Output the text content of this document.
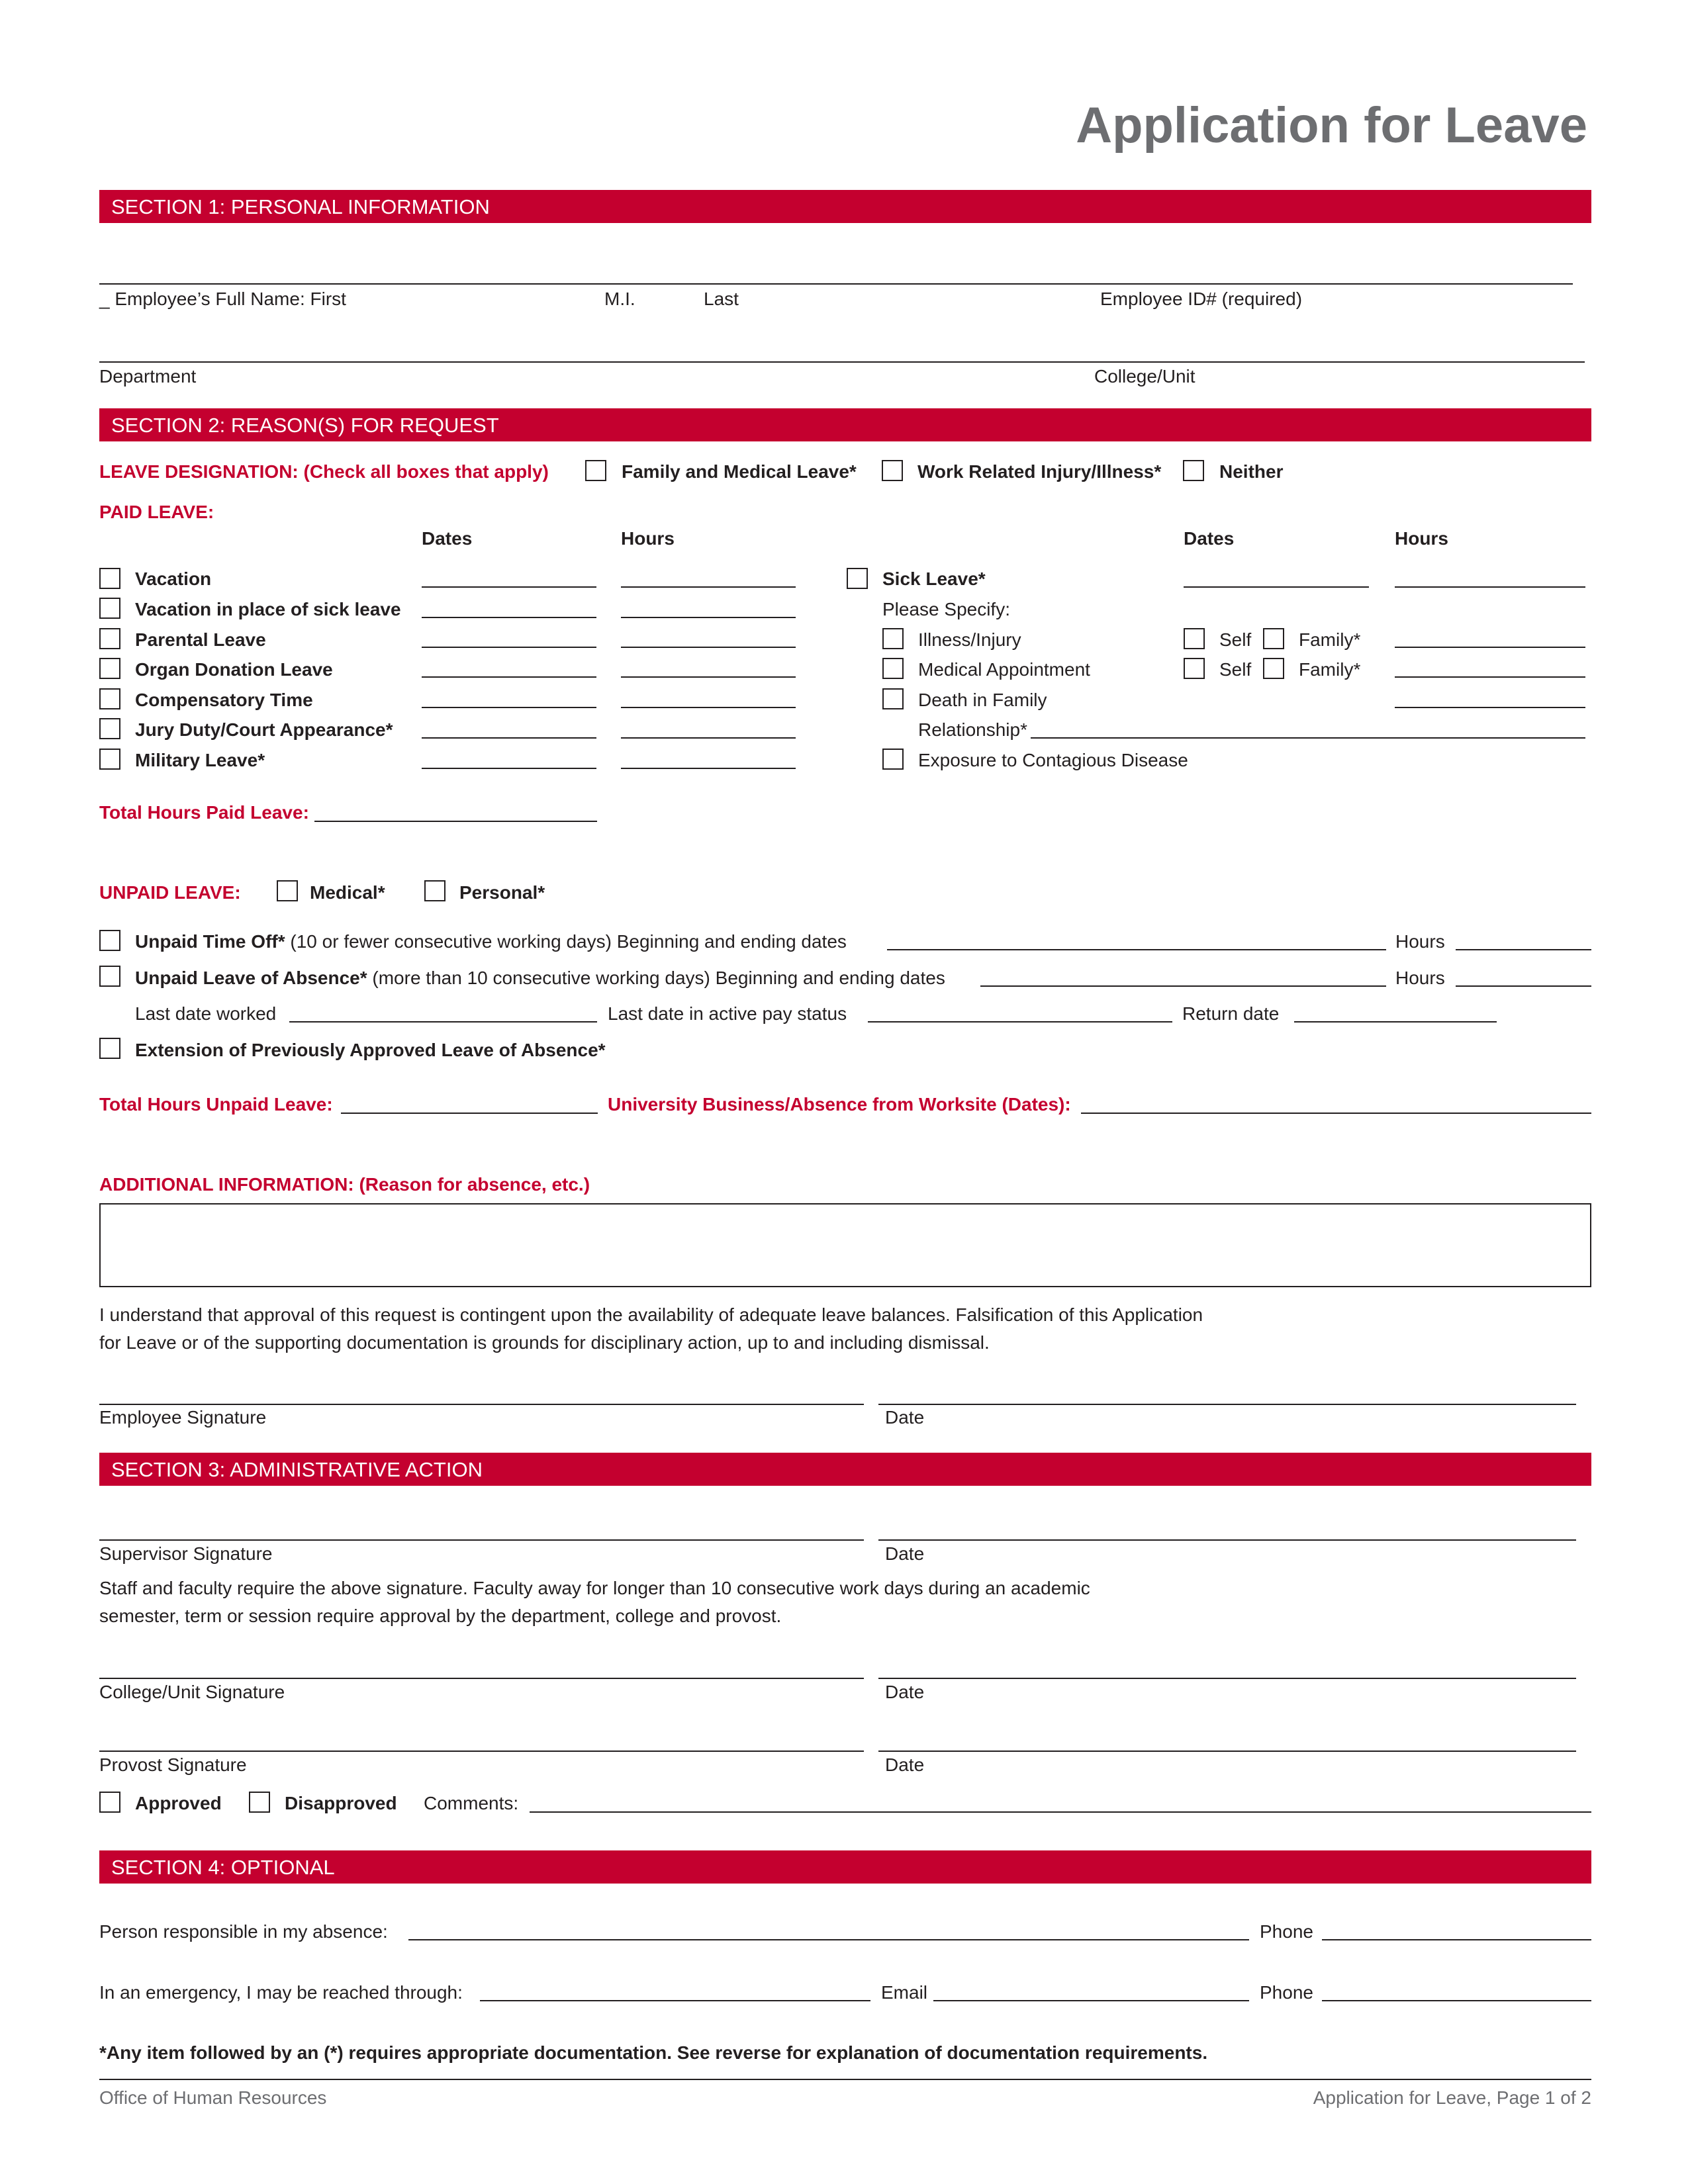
Application for Leave
SECTION 1: PERSONAL INFORMATION
_ Employee’s Full Name: First	M.I.	Last	Employee ID# (required)
Department	College/Unit
SECTION 2: REASON(S) FOR REQUEST
LEAVE DESIGNATION: (Check all boxes that apply)	Family and Medical Leave*	Work Related Injury/Illness*	Neither
PAID LEAVE:
Dates	Hours	Dates	Hours
Vacation
Vacation in place of sick leave
Parental Leave
Organ Donation Leave
Compensatory Time
Jury Duty/Court Appearance*
Military Leave*
Sick Leave*
Please Specify:
Illness/Injury	Self	Family*
Medical Appointment	Self	Family*
Death in Family
Relationship*
Exposure to Contagious Disease
Total Hours Paid Leave:
UNPAID LEAVE:	Medical*	Personal*
Unpaid Time Off* (10 or fewer consecutive working days) Beginning and ending dates	Hours
Unpaid Leave of Absence* (more than 10 consecutive working days) Beginning and ending dates	Hours
Last date worked	Last date in active pay status	Return date
Extension of Previously Approved Leave of Absence*
Total Hours Unpaid Leave:	University Business/Absence from Worksite (Dates):
ADDITIONAL INFORMATION: (Reason for absence, etc.)
I understand that approval of this request is contingent upon the availability of adequate leave balances. Falsification of this Application
for Leave or of the supporting documentation is grounds for disciplinary action, up to and including dismissal.
Employee Signature	Date
SECTION 3: ADMINISTRATIVE ACTION
Supervisor Signature	Date
Staff and faculty require the above signature. Faculty away for longer than 10 consecutive work days during an academic
semester, term or session require approval by the department, college and provost.
College/Unit Signature	Date
Provost Signature	Date
Approved	Disapproved Comments:
SECTION 4: OPTIONAL
Person responsible in my absence:	Phone
In an emergency, I may be reached through:	Email	Phone
*Any item followed by an (*) requires appropriate documentation. See reverse for explanation of documentation requirements.
Office of Human Resources	Application for Leave, Page 1 of 2
